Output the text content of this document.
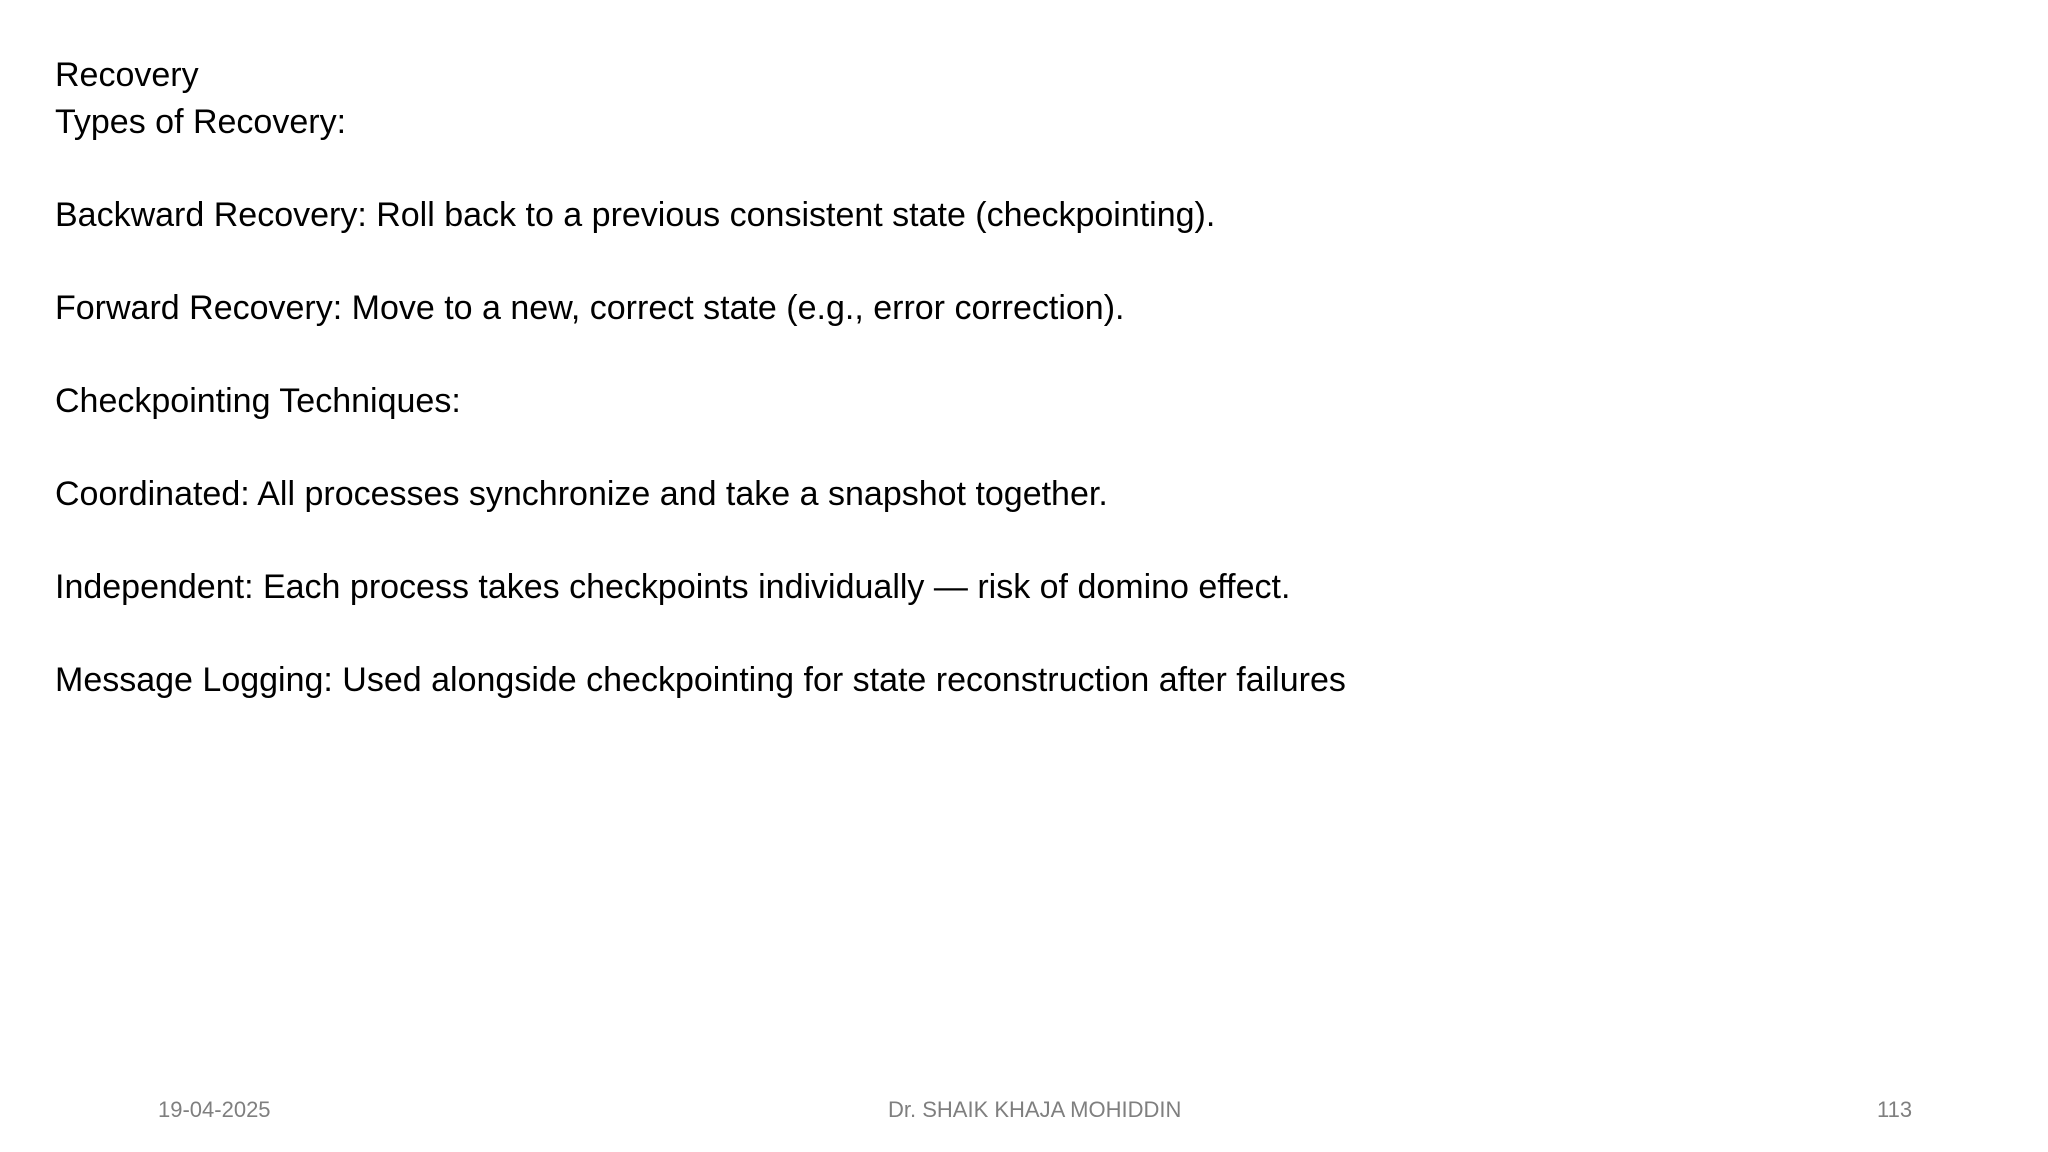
Recovery
Types of Recovery:
Backward Recovery: Roll back to a previous consistent state (checkpointing).
Forward Recovery: Move to a new, correct state (e.g., error correction).
Checkpointing Techniques:
Coordinated: All processes synchronize and take a snapshot together.
Independent: Each process takes checkpoints individually — risk of domino effect.
Message Logging: Used alongside checkpointing for state reconstruction after failures
19-04-2025	Dr. SHAIK KHAJA MOHIDDIN	113
